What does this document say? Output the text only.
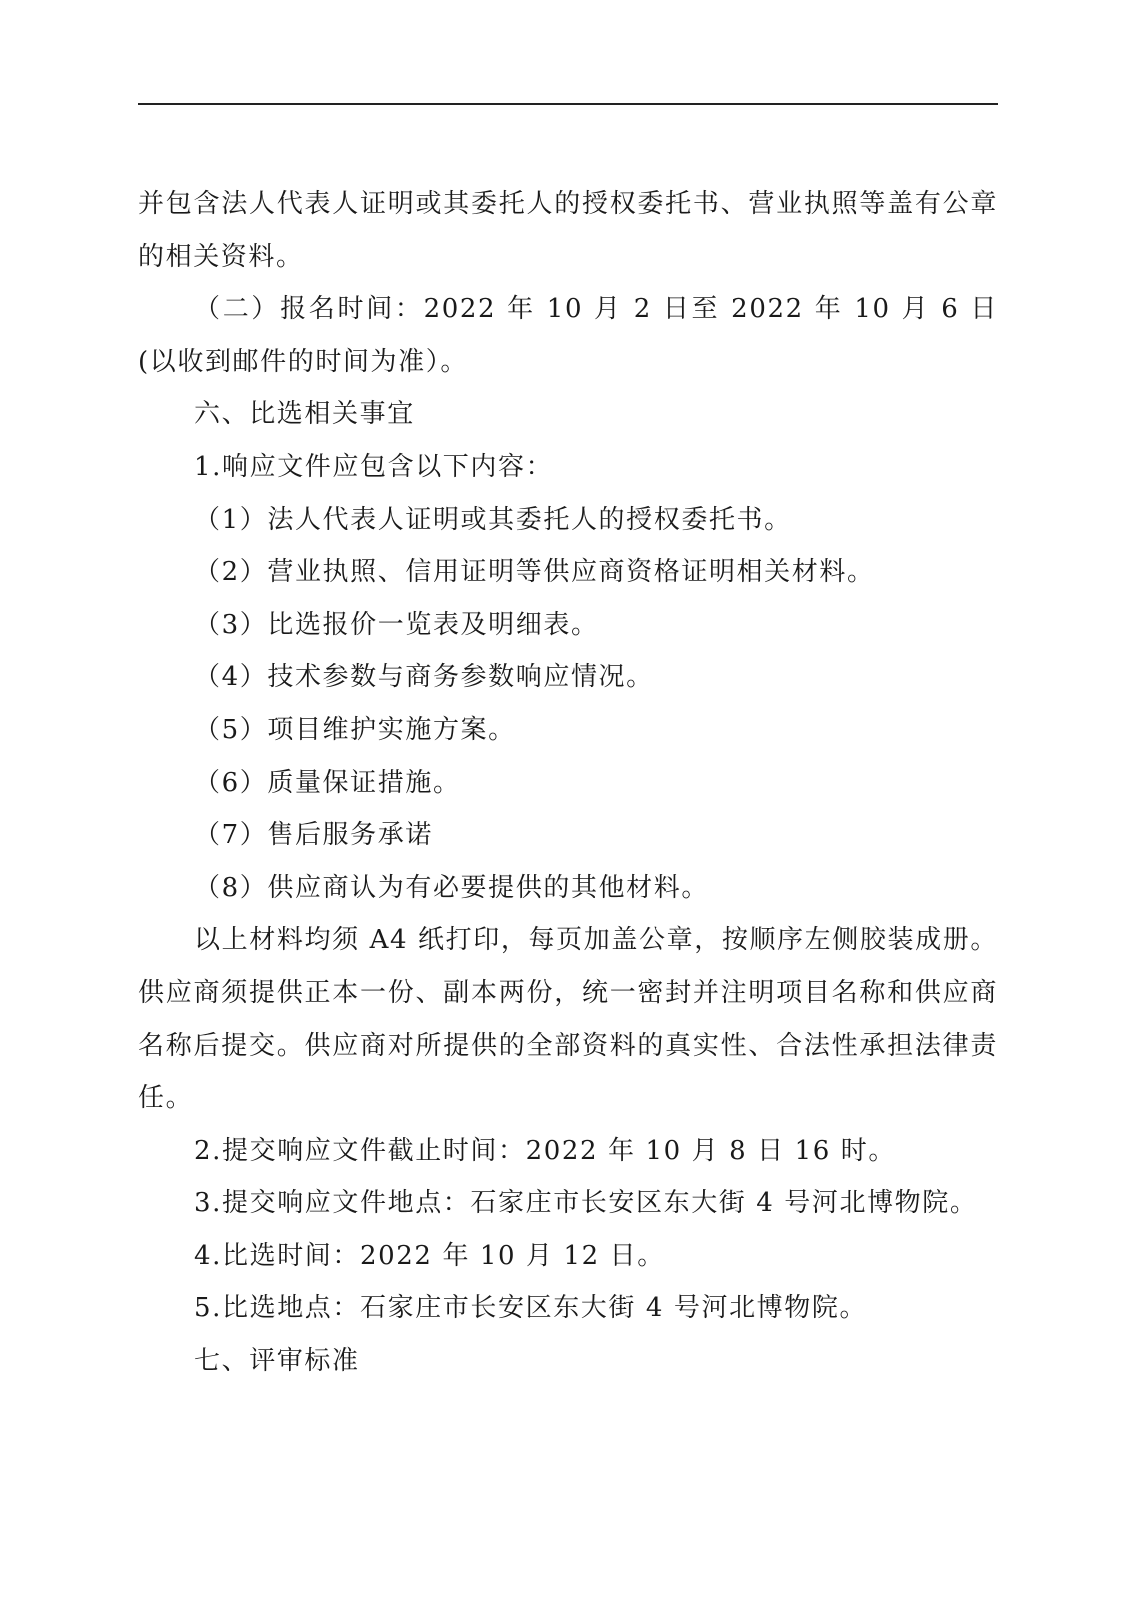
并包含法人代表人证明或其委托人的授权委托书、营业执照等盖有公章的相关资料。

（二）报名时间：2022 年 10 月 2 日至 2022 年 10 月 6 日(以收到邮件的时间为准）。

六、比选相关事宜

1.响应文件应包含以下内容：

（1）法人代表人证明或其委托人的授权委托书。

（2）营业执照、信用证明等供应商资格证明相关材料。

（3）比选报价一览表及明细表。

（4）技术参数与商务参数响应情况。

（5）项目维护实施方案。

（6）质量保证措施。

（7）售后服务承诺

（8）供应商认为有必要提供的其他材料。

以上材料均须 A4 纸打印，每页加盖公章，按顺序左侧胶装成册。供应商须提供正本一份、副本两份，统一密封并注明项目名称和供应商名称后提交。供应商对所提供的全部资料的真实性、合法性承担法律责任。

2.提交响应文件截止时间：2022 年 10 月 8 日 16 时。

3.提交响应文件地点：石家庄市长安区东大街 4 号河北博物院。

4.比选时间：2022 年 10 月 12 日。

5.比选地点：石家庄市长安区东大街 4 号河北博物院。

七、评审标准
